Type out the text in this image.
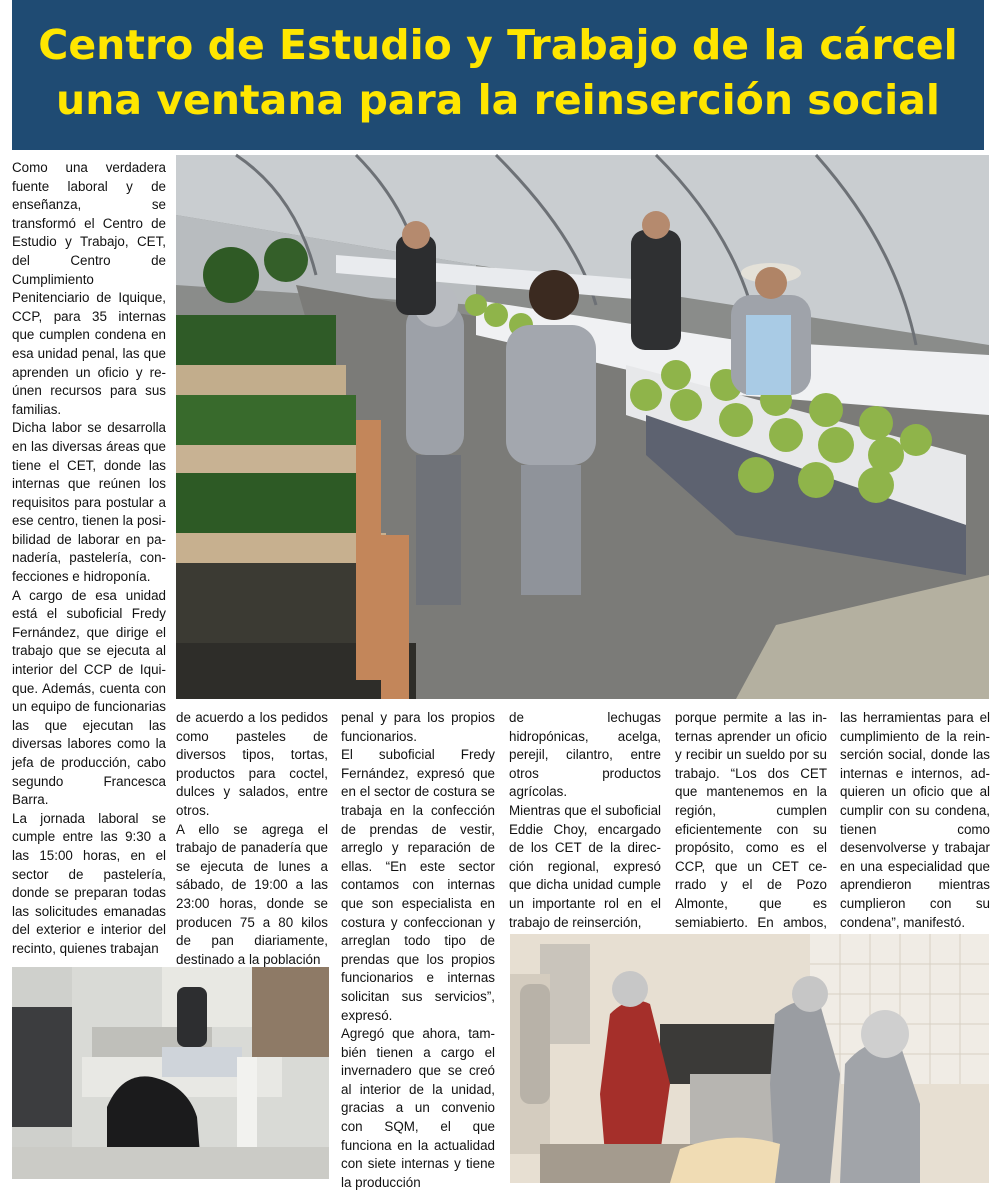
Centro de Estudio y Trabajo de la cárcel
una ventana para la reinserción social

Como una verdadera fuente laboral y de enseñanza, se transformó el Centro de Estudio y Trabajo, CET, del Centro de Cumplimiento Penitenciario de Iquique, CCP, para 35 internas que cumplen condena en esa unidad penal, las que aprenden un oficio y reúnen recursos para sus familias.

Dicha labor se desarrolla en las diversas áreas que tiene el CET, donde las internas que reúnen los requisitos para postular a ese centro, tienen la posibilidad de laborar en panadería, pastelería, confecciones e hidroponía.

A cargo de esa unidad está el suboficial Fredy Fernández, que dirige el trabajo que se ejecuta al interior del CCP de Iquique. Además, cuenta con un equipo de funcionarias las que ejecutan las diversas labores como la jefa de producción, cabo segundo Francesca Barra.

La jornada laboral se cumple entre las 9:30 a las 15:00 horas, en el sector de pastelería, donde se preparan todas las solicitudes emanadas del exterior e interior del recinto, quienes trabajan

de acuerdo a los pedidos como pasteles de diversos tipos, tortas, productos para coctel, dulces y salados, entre otros.

A ello se agrega el trabajo de panadería que se ejecuta de lunes a sábado, de 19:00 a las 23:00 horas, donde se producen 75 a 80 kilos de pan diariamente, destinado a la población

penal y para los propios funcionarios.

El suboficial Fredy Fernández, expresó que en el sector de costura se trabaja en la confección de prendas de vestir, arreglo y reparación de ellas. “En este sector contamos con internas que son especialista en costura y confeccionan y arreglan todo tipo de prendas que los propios funcionarios e internas solicitan sus servicios”, expresó.

Agregó que ahora, también tienen a cargo el invernadero que se creó al interior de la unidad, gracias a un convenio con SQM, el que funciona en la actualidad con siete internas y tiene la producción

de lechugas hidropónicas, acelga, perejil, cilantro, entre otros productos agrícolas.

Mientras que el suboficial Eddie Choy, encargado de los CET de la dirección regional, expresó que dicha unidad cumple un importante rol en el trabajo de reinserción,

porque permite a las internas aprender un oficio y recibir un sueldo por su trabajo. “Los dos CET que mantenemos en la región, cumplen eficientemente con su propósito, como es el CCP, que un CET cerrado y el de Pozo Almonte, que es semiabierto. En ambos,

las herramientas para el cumplimiento de la reinserción social, donde las internas e internos, adquieren un oficio que al cumplir con su condena, tienen como desenvolverse y trabajar en una especialidad que aprendieron mientras cumplieron con su condena”, manifestó.
